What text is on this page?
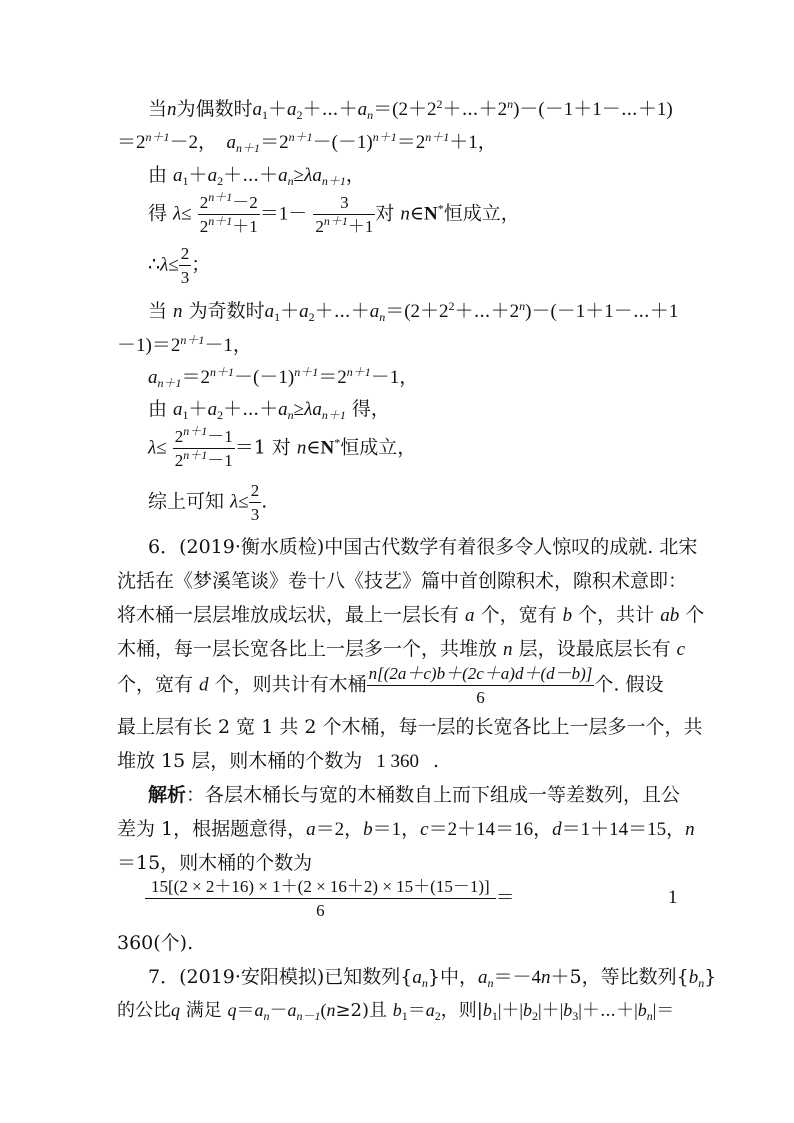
当n为偶数时$a_1+a_2+\cdots+a_n=(2+2^2+\cdots+2^n)-(-1+1-\cdots+1)$
$=2^{n+1}-2$， $a_{n+1}=2^{n+1}-(-1)^{n+1}=2^{n+1}+1$，
由 $a_1+a_2+\cdots+a_n\ge\lambda a_{n+1}$，
得 $\lambda\le \frac{2^{n+1}-2}{2^{n+1}+1} =1- \frac{3}{2^{n+1}+1}$ 对 n∈N*恒成立，
∴λ≤ $\frac{2}{3}$ ；
当 n 为奇数时$a_1+a_2+\cdots+a_n=(2+2^2+\cdots+2^n)-(-1+1-\cdots+1$
$-1)=2^{n+1}-1$，
$a_{n+1}=2^{n+1}-(-1)^{n+1}=2^{n+1}-1$，
由 $a_1+a_2+\cdots+a_n\ge\lambda a_{n+1}$ 得，
$\lambda\le \frac{2^{n+1}-1}{2^{n+1}-1} =1$ 对 n∈N*恒成立，
综上可知 $\lambda\le \frac{2}{3}$ .
6．(2019·衡水质检)中国古代数学有着很多令人惊叹的成就. 北宋
沈括在《梦溪笔谈》卷十八《技艺》篇中首创隙积术，隙积术意即：
将木桶一层层堆放成坛状，最上一层长有 a 个，宽有 b 个，共计 ab 个
木桶，每一层长宽各比上一层多一个，共堆放 n 层，设最底层长有 c
个，宽有 d 个，则共计有木桶 $\frac{n[(2a+c)b+(2c+a)d+(d-b)]}{6}$ 个. 假设
最上层有长 2 宽 1 共 2 个木桶，每一层的长宽各比上一层多一个，共
堆放 15 层，则木桶的个数为 1 360 .
解析：各层木桶长与宽的木桶数自上而下组成一等差数列，且公
差为 1，根据题意得，a＝2，b＝1，c＝2＋14＝16，d＝1＋14＝15，n
＝15，则木桶的个数为
$\frac{15[(2 \times 2+16) \times 1+(2 \times 16+2) \times 15+(15-1)]}{6}$ ＝	1
360(个).
7．(2019·安阳模拟)已知数列$\{a_n\}$中，$a_n=-4n+5$，等比数列$\{b_n\}$
的公比q 满足 $q=a_n-a_{n-1}(n\ge 2)$且 $b_1=a_2$，则$|b_1|+|b_2|+|b_3|+\cdots+|b_n|=$
